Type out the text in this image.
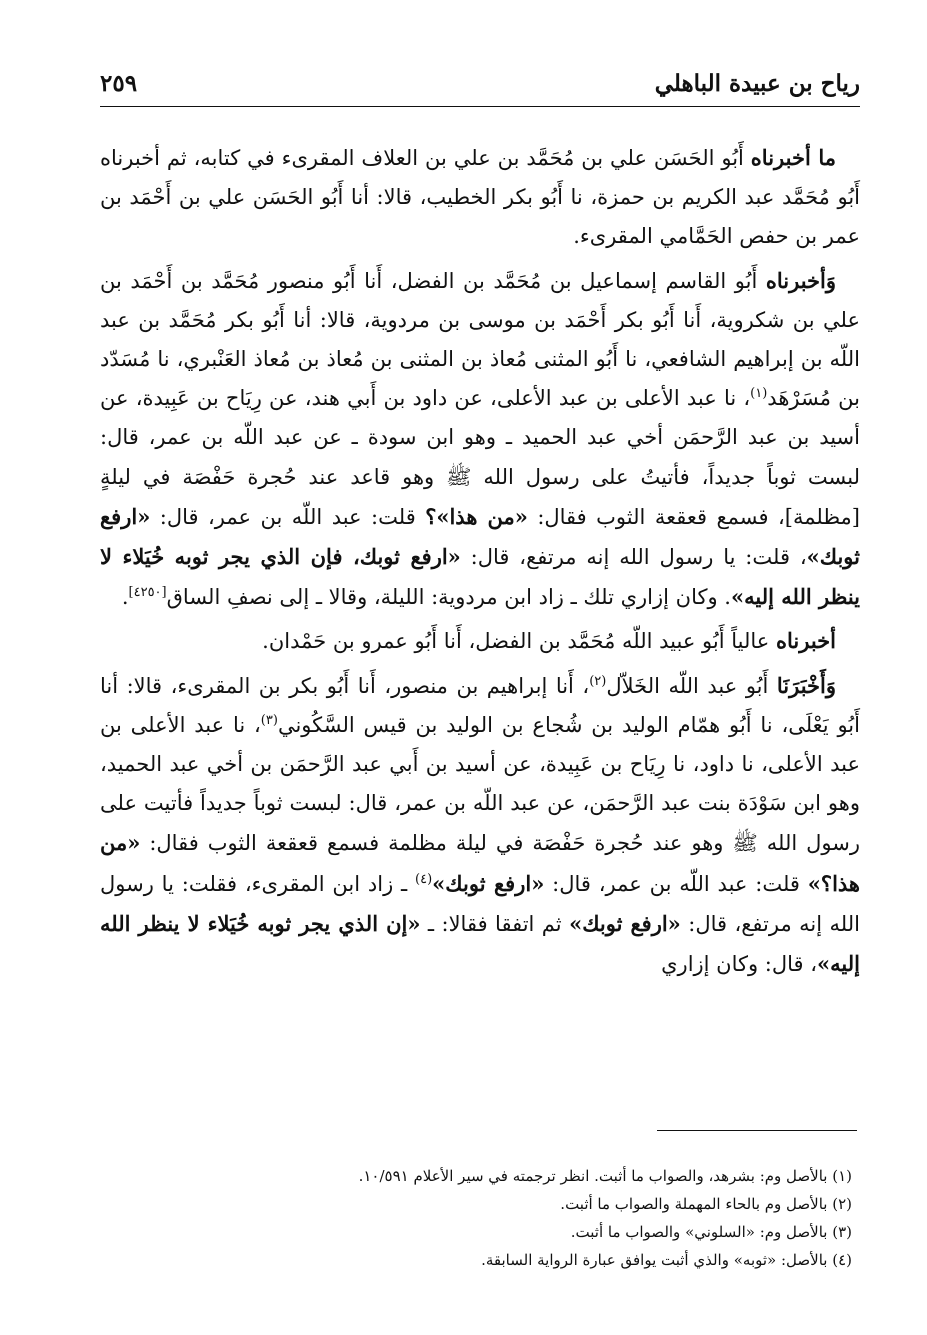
رياح بن عبيدة الباهلي
٢٥٩

ما أخبرناه أَبُو الحَسَن علي بن مُحَمَّد بن علي بن العلاف المقرىء في كتابه، ثم أخبرناه أَبُو مُحَمَّد عبد الكريم بن حمزة، نا أَبُو بكر الخطيب، قالا: أنا أَبُو الحَسَن علي بن أَحْمَد بن عمر بن حفص الحَمَّامي المقرىء.

وَأخبرناه أَبُو القاسم إسماعيل بن مُحَمَّد بن الفضل، أَنا أَبُو منصور مُحَمَّد بن أَحْمَد بن علي بن شكروية، أَنا أَبُو بكر أَحْمَد بن موسى بن مردوية، قالا: أنا أَبُو بكر مُحَمَّد بن عبد اللّه بن إبراهيم الشافعي، نا أَبُو المثنى مُعاذ بن المثنى بن مُعاذ بن مُعاذ العَنْبري، نا مُسَدّد بن مُسَرْهَد$^{(١)}$، نا عبد الأعلى بن عبد الأعلى، عن داود بن أَبي هند، عن رِيَاح بن عَبِيدة، عن أسيد بن عبد الرَّحمَن أخي عبد الحميد ـ وهو ابن سودة ـ عن عبد اللّه بن عمر، قال: لبست ثوباً جديداً، فأتيتُ على رسول الله ﷺ وهو قاعد عند حُجرة حَفْصَة في ليلةٍ [مظلمة]، فسمع قعقعة الثوب فقال: «من هذا»؟ قلت: عبد اللّه بن عمر، قال: «ارفع ثوبك»، قلت: يا رسول الله إنه مرتفع، قال: «ارفع ثوبك، فإن الذي يجر ثوبه خُيَلاء لا ينظر الله إليه». وكان إزاري تلك ـ زاد ابن مردوية: الليلة، وقالا ـ إلى نصفِ الساق[٤٢٥٠].

أخبرناه عالياً أَبُو عبيد اللّه مُحَمَّد بن الفضل، أَنا أَبُو عمرو بن حَمْدان.

وَأَخْبَرَنَا أَبُو عبد اللّه الخَلاّل$^{(٢)}$، أَنا إبراهيم بن منصور، أَنا أَبُو بكر بن المقرىء، قالا: أنا أَبُو يَعْلَى، نا أَبُو همّام الوليد بن شُجاع بن الوليد بن قيس السَّكُوني$^{(٣)}$، نا عبد الأعلى بن عبد الأعلى، نا داود، نا رِيَاح بن عَبِيدة، عن أسيد بن أَبي عبد الرَّحمَن بن أخي عبد الحميد، وهو ابن سَوْدَة بنت عبد الرَّحمَن، عن عبد اللّه بن عمر، قال: لبست ثوباً جديداً فأتيت على رسول الله ﷺ وهو عند حُجرة حَفْصَة في ليلة مظلمة فسمع قعقعة الثوب فقال: «من هذا؟» قلت: عبد اللّه بن عمر، قال: «ارفع ثوبك»$^{(٤)}$ ـ زاد ابن المقرىء، فقلت: يا رسول الله إنه مرتفع، قال: «ارفع ثوبك» ثم اتفقا فقالا: ـ «إن الذي يجر ثوبه خُيَلاء لا ينظر الله إليه»، قال: وكان إزاري

(١) بالأصل وم: بشرهد، والصواب ما أثبت. انظر ترجمته في سير الأعلام ١٠/٥٩١.

(٢) بالأصل وم بالحاء المهملة والصواب ما أثبت.

(٣) بالأصل وم: «السلوني» والصواب ما أثبت.

(٤) بالأصل: «ثوبه» والذي أثبت يوافق عبارة الرواية السابقة.
